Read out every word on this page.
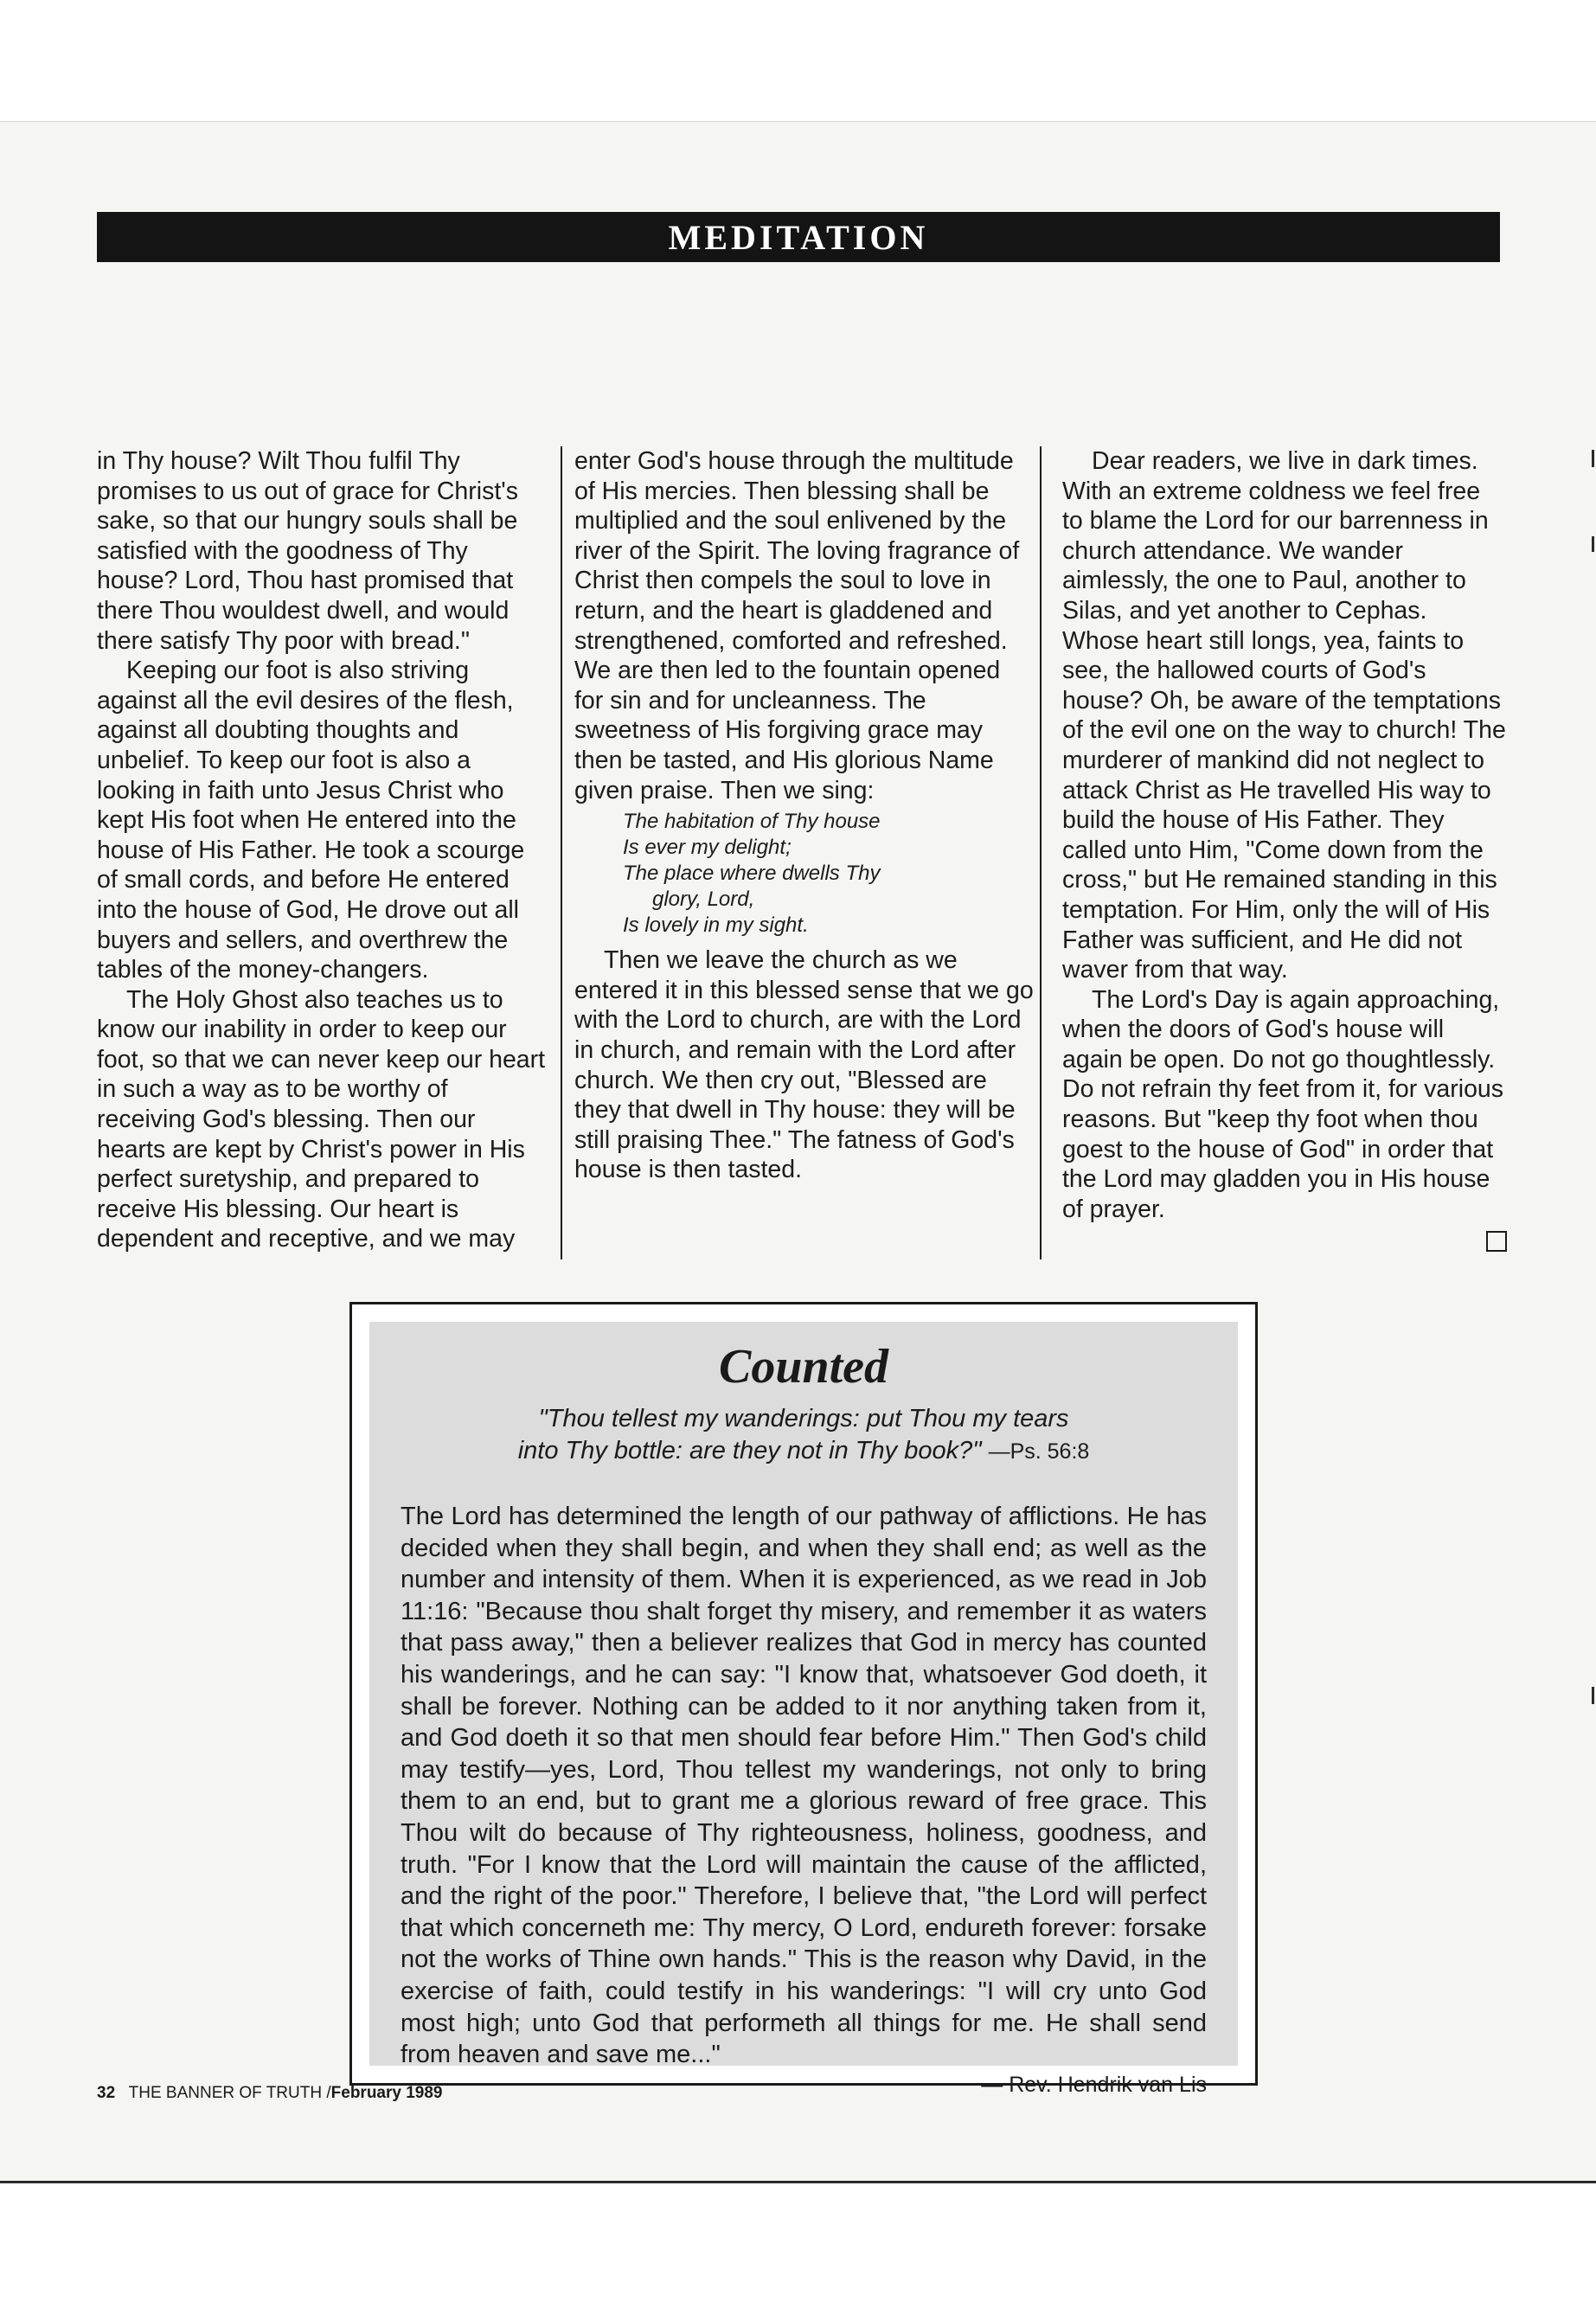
MEDITATION

in Thy house? Wilt Thou fulfil Thy promises to us out of grace for Christ's sake, so that our hungry souls shall be satisfied with the goodness of Thy house? Lord, Thou hast promised that there Thou wouldest dwell, and would there satisfy Thy poor with bread."

Keeping our foot is also striving against all the evil desires of the flesh, against all doubting thoughts and unbelief. To keep our foot is also a looking in faith unto Jesus Christ who kept His foot when He entered into the house of His Father. He took a scourge of small cords, and before He entered into the house of God, He drove out all buyers and sellers, and overthrew the tables of the money-changers.

The Holy Ghost also teaches us to know our inability in order to keep our foot, so that we can never keep our heart in such a way as to be worthy of receiving God's blessing. Then our hearts are kept by Christ's power in His perfect suretyship, and prepared to receive His blessing. Our heart is dependent and receptive, and we may

enter God's house through the multitude of His mercies. Then blessing shall be multiplied and the soul enlivened by the river of the Spirit. The loving fragrance of Christ then compels the soul to love in return, and the heart is gladdened and strengthened, comforted and refreshed. We are then led to the fountain opened for sin and for uncleanness. The sweetness of His forgiving grace may then be tasted, and His glorious Name given praise. Then we sing:

The habitation of Thy house
Is ever my delight;
The place where dwells Thy
glory, Lord,
Is lovely in my sight.

Then we leave the church as we entered it in this blessed sense that we go with the Lord to church, are with the Lord in church, and remain with the Lord after church. We then cry out, "Blessed are they that dwell in Thy house: they will be still praising Thee." The fatness of God's house is then tasted.

Dear readers, we live in dark times. With an extreme coldness we feel free to blame the Lord for our barrenness in church attendance. We wander aimlessly, the one to Paul, another to Silas, and yet another to Cephas. Whose heart still longs, yea, faints to see, the hallowed courts of God's house? Oh, be aware of the temptations of the evil one on the way to church! The murderer of mankind did not neglect to attack Christ as He travelled His way to build the house of His Father. They called unto Him, "Come down from the cross," but He remained standing in this temptation. For Him, only the will of His Father was sufficient, and He did not waver from that way.

The Lord's Day is again approaching, when the doors of God's house will again be open. Do not go thoughtlessly. Do not refrain thy feet from it, for various reasons. But "keep thy foot when thou goest to the house of God" in order that the Lord may gladden you in His house of prayer.

Counted
"Thou tellest my wanderings: put Thou my tears
into Thy bottle: are they not in Thy book?" —Ps. 56:8
The Lord has determined the length of our pathway of afflictions. He has decided when they shall begin, and when they shall end; as well as the number and intensity of them. When it is experienced, as we read in Job 11:16: "Because thou shalt forget thy misery, and remember it as waters that pass away," then a believer realizes that God in mercy has counted his wanderings, and he can say: "I know that, whatsoever God doeth, it shall be forever. Nothing can be added to it nor anything taken from it, and God doeth it so that men should fear before Him." Then God's child may testify—yes, Lord, Thou tellest my wanderings, not only to bring them to an end, but to grant me a glorious reward of free grace. This Thou wilt do because of Thy righteousness, holiness, goodness, and truth. "For I know that the Lord will maintain the cause of the afflicted, and the right of the poor." Therefore, I believe that, "the Lord will perfect that which concerneth me: Thy mercy, O Lord, endureth forever: forsake not the works of Thine own hands." This is the reason why David, in the exercise of faith, could testify in his wanderings: "I will cry unto God most high; unto God that performeth all things for me. He shall send from heaven and save me..."
— Rev. Hendrik van Lis
32 THE BANNER OF TRUTH /February 1989
